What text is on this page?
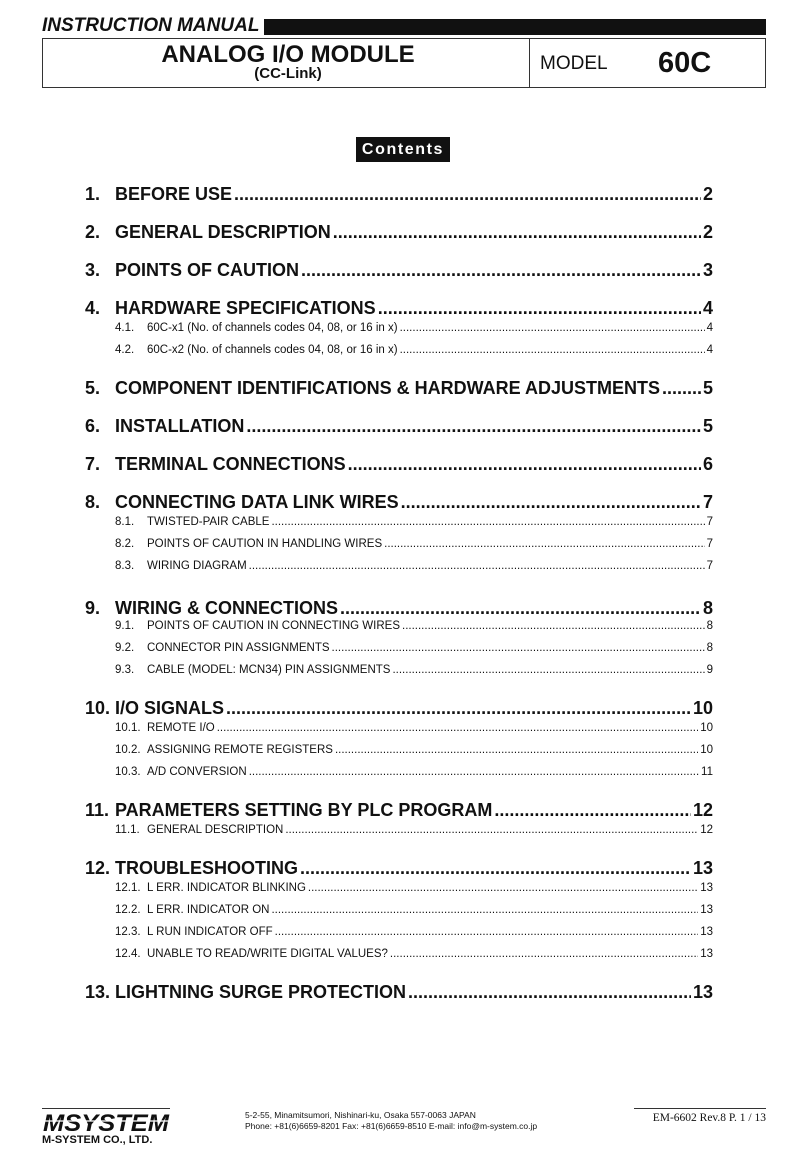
INSTRUCTION MANUAL
ANALOG I/O MODULE
(CC-Link)	MODEL 60C
Contents
1. BEFORE USE .....	2
2. GENERAL DESCRIPTION .....	2
3. POINTS OF CAUTION .....	3
4. HARDWARE SPECIFICATIONS .....	4
4.1.	60C-x1 (No. of channels codes 04, 08, or 16 in x) .....	4
4.2.	60C-x2 (No. of channels codes 04, 08, or 16 in x) .....	4
5. COMPONENT IDENTIFICATIONS & HARDWARE ADJUSTMENTS ..... 5
6. INSTALLATION .....	5
7. TERMINAL CONNECTIONS .....	6
8. CONNECTING DATA LINK WIRES .....	7
8.1.	TWISTED-PAIR CABLE .....	7
8.2.	POINTS OF CAUTION IN HANDLING WIRES .....	7
8.3.	WIRING DIAGRAM .....	7
9. WIRING & CONNECTIONS .....	8
9.1.	POINTS OF CAUTION IN CONNECTING WIRES .....	8
9.2.	CONNECTOR PIN ASSIGNMENTS .....	8
9.3.	CABLE (MODEL: MCN34) PIN ASSIGNMENTS .....	9
10. I/O SIGNALS .....	10
10.1. REMOTE I/O .....	10
10.2. ASSIGNING REMOTE REGISTERS .....	10
10.3. A/D CONVERSION .....	11
11. PARAMETERS SETTING BY PLC PROGRAM .....	12
11.1. GENERAL DESCRIPTION .....	12
12. TROUBLESHOOTING .....	13
12.1. L ERR. INDICATOR BLINKING .....	13
12.2. L ERR. INDICATOR ON .....	13
12.3. L RUN INDICATOR OFF .....	13
12.4. UNABLE TO READ/WRITE DIGITAL VALUES? .....	13
13. LIGHTNING SURGE PROTECTION .....	13
MSYSTEM
M-SYSTEM CO., LTD.
5-2-55, Minamitsumori, Nishinari-ku, Osaka 557-0063 JAPAN
Phone: +81(6)6659-8201 Fax: +81(6)6659-8510 E-mail: info@m-system.co.jp
EM-6602 Rev.8 P. 1 / 13
